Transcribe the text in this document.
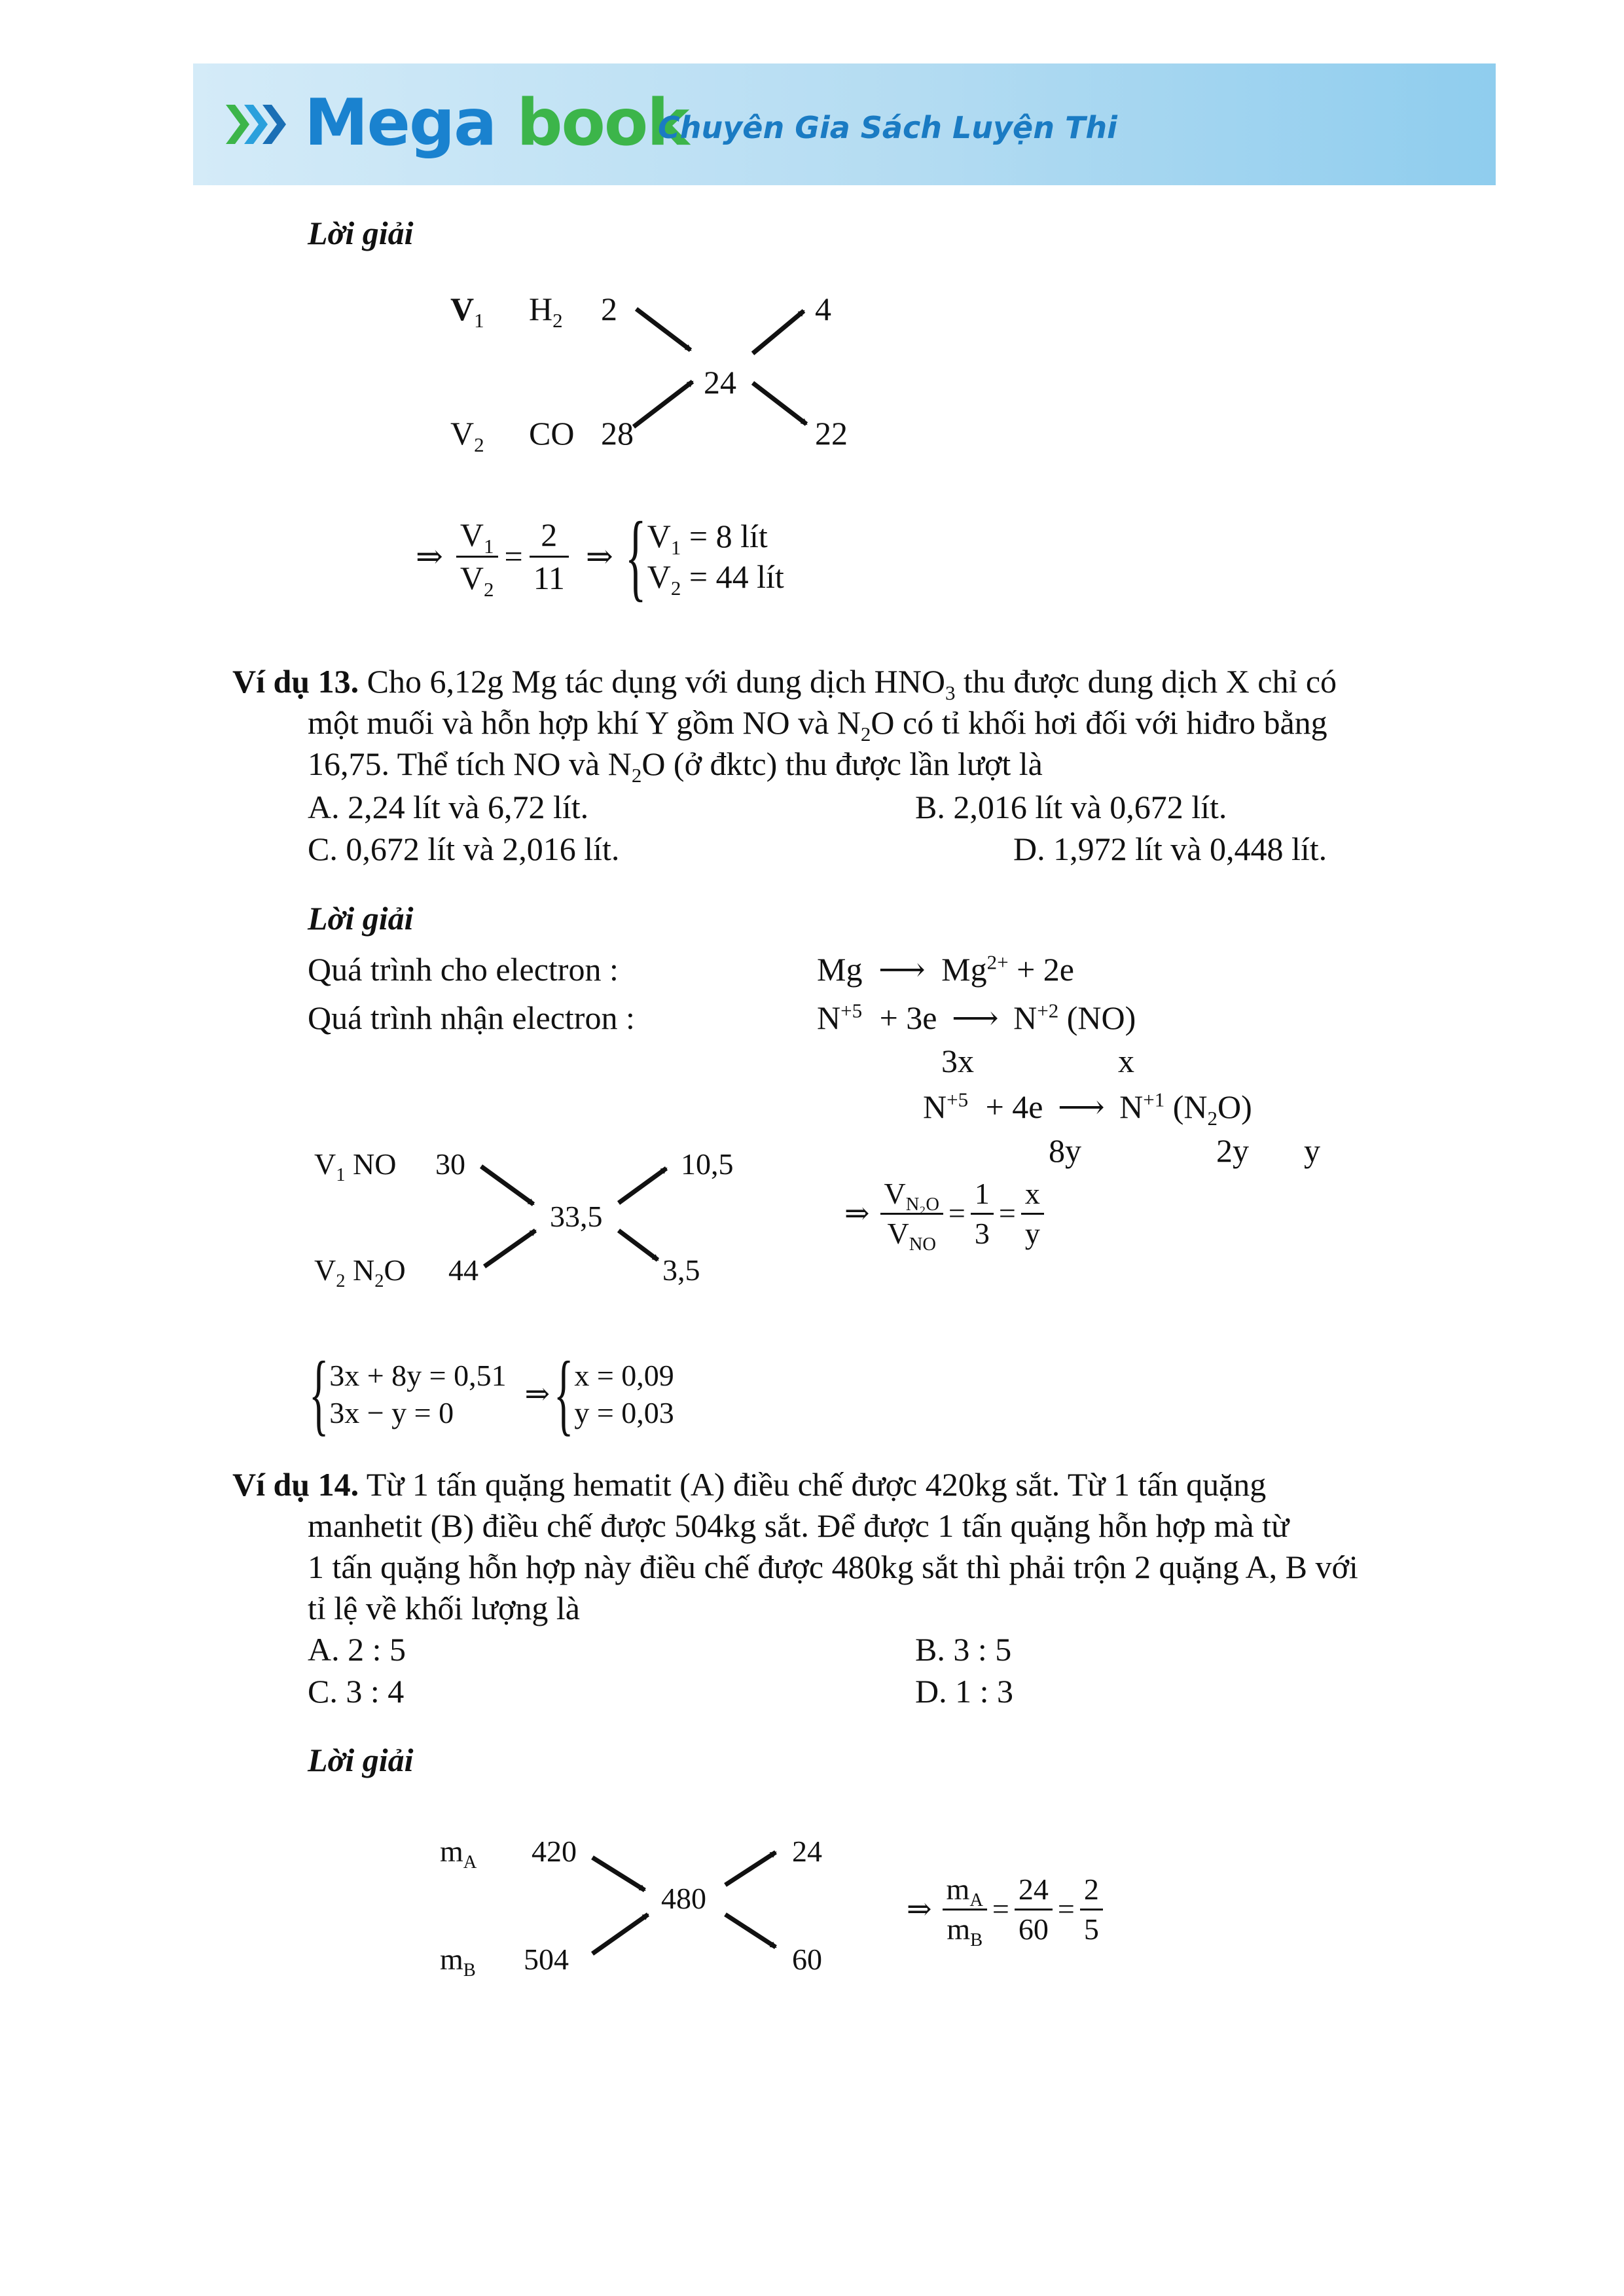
Mega book
Chuyên Gia Sách Luyện Thi
Lời giải
$V_1$ $H_2$ 2	4
24
$V_2$ CO 28	22
⇒ $\frac{V_1}{V_2} = \frac{2}{11}$ ⇒ { $V_1 = 8$ lít
$V_2 = 44$ lít
Ví dụ 13. Cho 6,12g Mg tác dụng với dung dịch $HNO_3$ thu được dung dịch X chỉ có
một muối và hỗn hợp khí Y gồm NO và $N_2O$ có tỉ khối hơi đối với hiđro bằng
16,75. Thể tích NO và $N_2O$ (ở đktc) thu được lần lượt là
A. 2,24 lít và 6,72 lít.	B. 2,016 lít và 0,672 lít.
C. 0,672 lít và 2,016 lít.	D. 1,972 lít và 0,448 lít.
Lời giải
Quá trình cho electron :	Mg ⟶ $Mg^{2+} + 2e$
Quá trình nhận electron :	$N^{+5} + 3e$ ⟶ $N^{+2}$ (NO)
3x	x
$N^{+5} + 4e$ ⟶ $N^{+1}$ $(N_2O)$
8y	2y y
$V_1$ NO 30	10,5
33,5
$V_2$ $N_2O$ 44	3,5
⇒ $\frac{V_{N_2O}}{V_{NO}} = \frac{1}{3} = \frac{x}{y}$
{ 3x + 8y = 0,51
3x − y = 0
⇒ { x = 0,09
y = 0,03
Ví dụ 14. Từ 1 tấn quặng hematit (A) điều chế được 420kg sắt. Từ 1 tấn quặng
manhetit (B) điều chế được 504kg sắt. Để được 1 tấn quặng hỗn hợp mà từ
1 tấn quặng hỗn hợp này điều chế được 480kg sắt thì phải trộn 2 quặng A, B với
tỉ lệ về khối lượng là
A. 2 : 5	B. 3 : 5
C. 3 : 4	D. 1 : 3
Lời giải
$m_A$ 420	24
480
$m_B$ 504	60
⇒ $\frac{m_A}{m_B} = \frac{24}{60} = \frac{2}{5}$
